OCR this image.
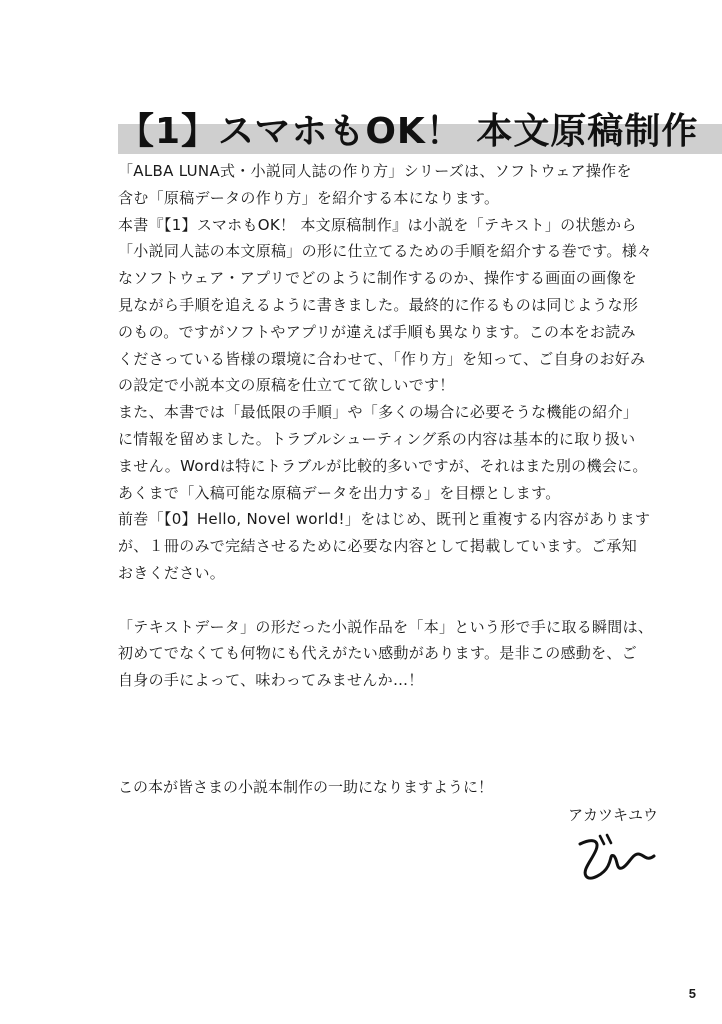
【1】スマホもOK！ 本文原稿制作
「ALBA LUNA式・小説同人誌の作り方」シリーズは、ソフトウェア操作を
含む「原稿データの作り方」を紹介する本になります。
本書『【1】スマホもOK！ 本文原稿制作』は小説を「テキスト」の状態から
「小説同人誌の本文原稿」の形に仕立てるための手順を紹介する巻です。様々
なソフトウェア・アプリでどのように制作するのか、操作する画面の画像を
見ながら手順を追えるように書きました。最終的に作るものは同じような形
のもの。ですがソフトやアプリが違えば手順も異なります。この本をお読み
くださっている皆様の環境に合わせて、「作り方」を知って、ご自身のお好み
の設定で小説本文の原稿を仕立てて欲しいです！
また、本書では「最低限の手順」や「多くの場合に必要そうな機能の紹介」
に情報を留めました。トラブルシューティング系の内容は基本的に取り扱い
ません。Wordは特にトラブルが比較的多いですが、それはまた別の機会に。
あくまで「入稿可能な原稿データを出力する」を目標とします。
前巻「【0】Hello, Novel world!」をはじめ、既刊と重複する内容があります
が、１冊のみで完結させるために必要な内容として掲載しています。ご承知
おきください。
「テキストデータ」の形だった小説作品を「本」という形で手に取る瞬間は、
初めてでなくても何物にも代えがたい感動があります。是非この感動を、ご
自身の手によって、味わってみませんか…！
この本が皆さまの小説本制作の一助になりますように！
アカツキユウ
5
